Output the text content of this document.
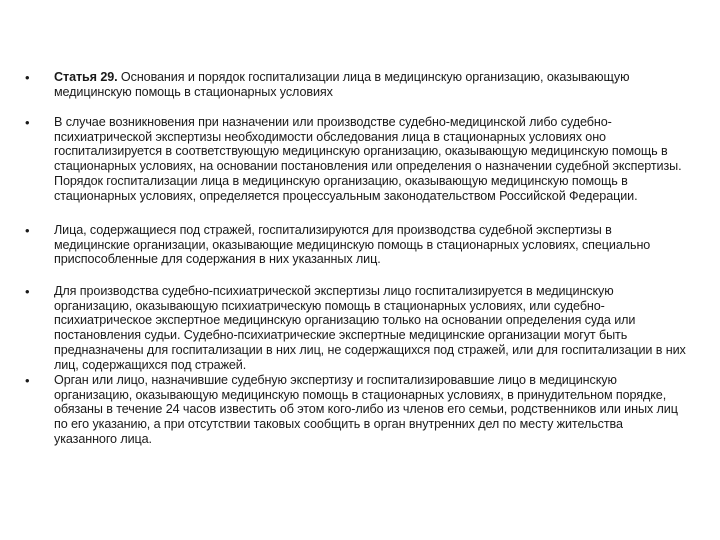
•	Статья 29. Основания и порядок госпитализации лица в медицинскую организацию, оказывающую медицинскую помощь в стационарных условиях
•	В случае возникновения при назначении или производстве судебно-медицинской либо судебно-психиатрической экспертизы необходимости обследования лица в стационарных условиях оно госпитализируется в соответствующую медицинскую организацию, оказывающую медицинскую помощь в стационарных условиях, на основании постановления или определения о назначении судебной экспертизы. Порядок госпитализации лица в медицинскую организацию, оказывающую медицинскую помощь в стационарных условиях, определяется процессуальным законодательством Российской Федерации.
•	Лица, содержащиеся под стражей, госпитализируются для производства судебной экспертизы в медицинские организации, оказывающие медицинскую помощь в стационарных условиях, специально приспособленные для содержания в них указанных лиц.
•	Для производства судебно-психиатрической экспертизы лицо госпитализируется в медицинскую организацию, оказывающую психиатрическую помощь в стационарных условиях, или судебно-психиатрическое экспертное медицинскую организацию только на основании определения суда или постановления судьи. Судебно-психиатрические экспертные медицинские организации могут быть предназначены для госпитализации в них лиц, не содержащихся под стражей, или для госпитализации в них лиц, содержащихся под стражей.
•	Орган или лицо, назначившие судебную экспертизу и госпитализировавшие лицо в медицинскую организацию, оказывающую медицинскую помощь в стационарных условиях, в принудительном порядке, обязаны в течение 24 часов известить об этом кого-либо из членов его семьи, родственников или иных лиц по его указанию, а при отсутствии таковых сообщить в орган внутренних дел по месту жительства указанного лица.
